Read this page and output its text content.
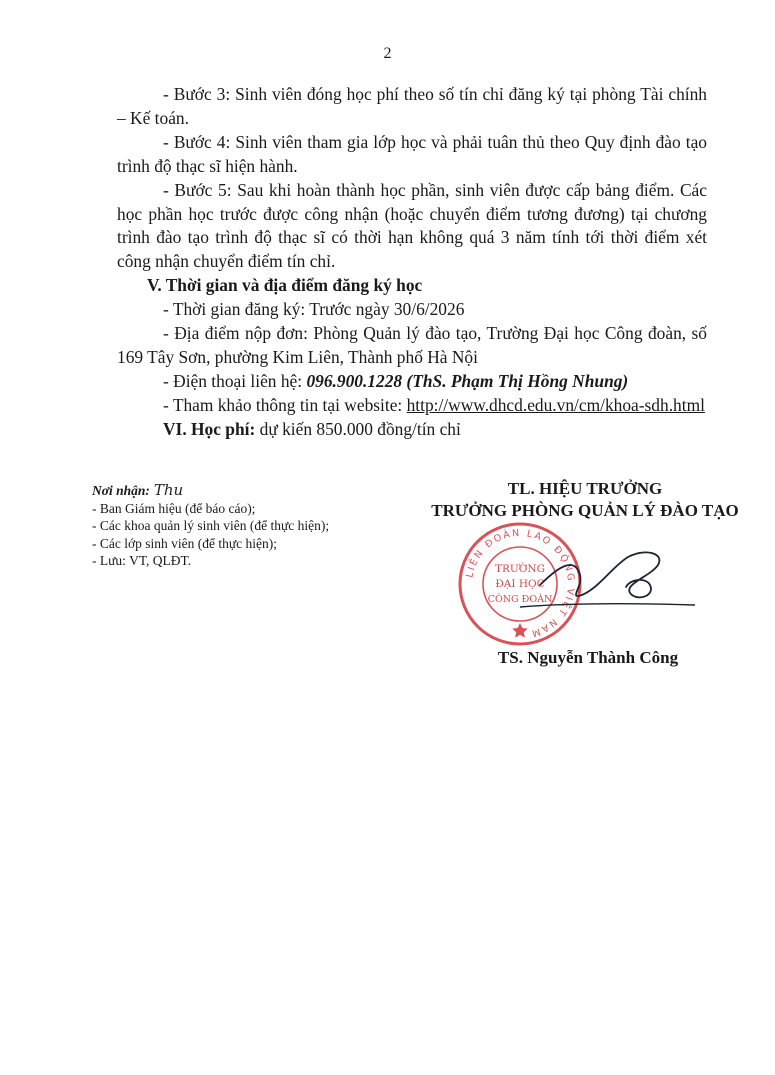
2

- Bước 3: Sinh viên đóng học phí theo số tín chỉ đăng ký tại phòng Tài chính – Kế toán.

- Bước 4: Sinh viên tham gia lớp học và phải tuân thủ theo Quy định đào tạo trình độ thạc sĩ hiện hành.

- Bước 5: Sau khi hoàn thành học phần, sinh viên được cấp bảng điểm. Các học phần học trước được công nhận (hoặc chuyển điểm tương đương) tại chương trình đào tạo trình độ thạc sĩ có thời hạn không quá 3 năm tính tới thời điểm xét công nhận chuyển điểm tín chỉ.

V. Thời gian và địa điểm đăng ký học

- Thời gian đăng ký: Trước ngày 30/6/2026

- Địa điểm nộp đơn: Phòng Quản lý đào tạo, Trường Đại học Công đoàn, số 169 Tây Sơn, phường Kim Liên, Thành phố Hà Nội

- Điện thoại liên hệ: 096.900.1228 (ThS. Phạm Thị Hồng Nhung)

- Tham khảo thông tin tại website: http://www.dhcd.edu.vn/cm/khoa-sdh.html

VI. Học phí: dự kiến 850.000 đồng/tín chỉ

Nơi nhận: Thu
- Ban Giám hiệu (để báo cáo);
- Các khoa quản lý sinh viên (để thực hiện);
- Các lớp sinh viên (để thực hiện);
- Lưu: VT, QLĐT.
TL. HIỆU TRƯỞNG
TRƯỞNG PHÒNG QUẢN LÝ ĐÀO TẠO
LIÊN ĐOÀN LAO ĐỘNG VIỆT NAM
TRƯỜNG
ĐẠI HỌC
CÔNG ĐOÀN
TS. Nguyễn Thành Công
